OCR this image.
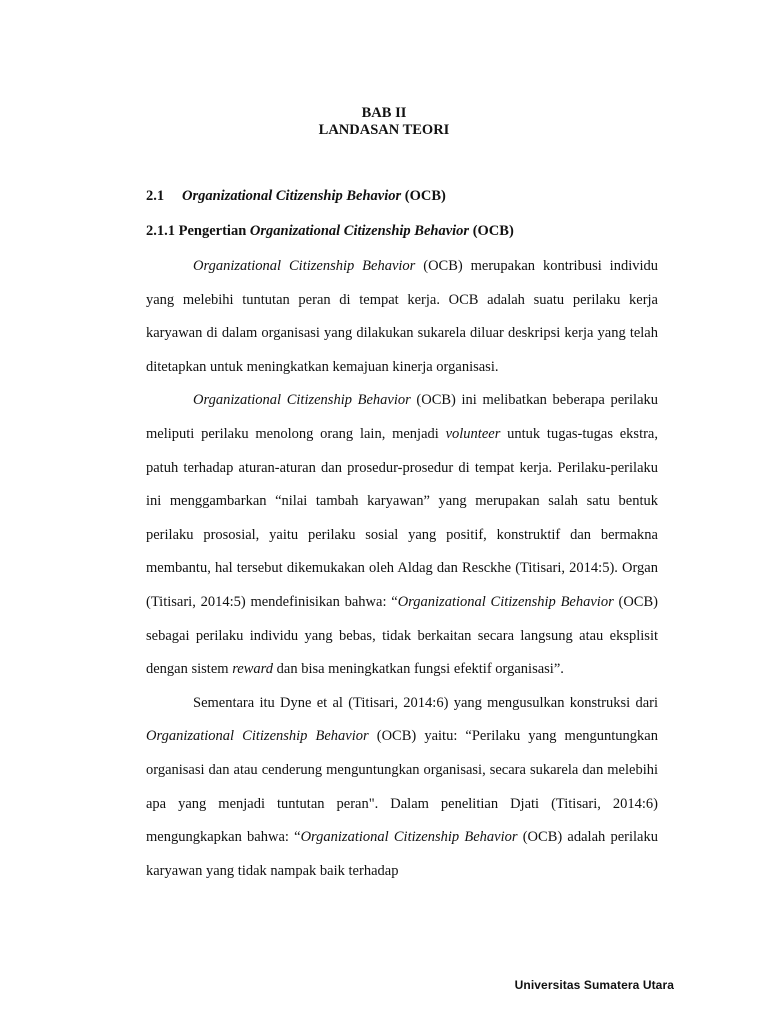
BAB II

LANDASAN TEORI

2.1 Organizational Citizenship Behavior (OCB)

2.1.1 Pengertian Organizational Citizenship Behavior (OCB)

Organizational Citizenship Behavior (OCB) merupakan kontribusi individu yang melebihi tuntutan peran di tempat kerja. OCB adalah suatu perilaku kerja karyawan di dalam organisasi yang dilakukan sukarela diluar deskripsi kerja yang telah ditetapkan untuk meningkatkan kemajuan kinerja organisasi.

Organizational Citizenship Behavior (OCB) ini melibatkan beberapa perilaku meliputi perilaku menolong orang lain, menjadi volunteer untuk tugas-tugas ekstra, patuh terhadap aturan-aturan dan prosedur-prosedur di tempat kerja. Perilaku-perilaku ini menggambarkan “nilai tambah karyawan” yang merupakan salah satu bentuk perilaku prososial, yaitu perilaku sosial yang positif, konstruktif dan bermakna membantu, hal tersebut dikemukakan oleh Aldag dan Resckhe (Titisari, 2014:5). Organ (Titisari, 2014:5) mendefinisikan bahwa: “Organizational Citizenship Behavior (OCB) sebagai perilaku individu yang bebas, tidak berkaitan secara langsung atau eksplisit dengan sistem reward dan bisa meningkatkan fungsi efektif organisasi”.

Sementara itu Dyne et al (Titisari, 2014:6) yang mengusulkan konstruksi dari Organizational Citizenship Behavior (OCB) yaitu: “Perilaku yang menguntungkan organisasi dan atau cenderung menguntungkan organisasi, secara sukarela dan melebihi apa yang menjadi tuntutan peran". Dalam penelitian Djati (Titisari, 2014:6) mengungkapkan bahwa: “Organizational Citizenship Behavior (OCB) adalah perilaku karyawan yang tidak nampak baik terhadap

Universitas Sumatera Utara
